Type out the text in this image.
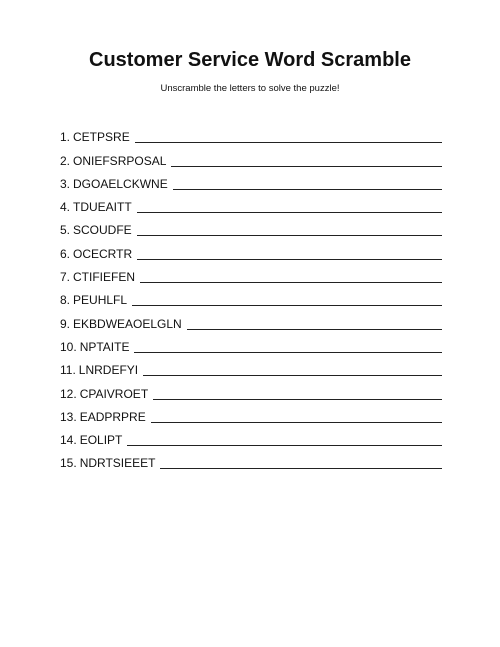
Customer Service Word Scramble
Unscramble the letters to solve the puzzle!
1. CETPSRE
2. ONIEFSRPOSAL
3. DGOAELCKWNE
4. TDUEAITT
5. SCOUDFE
6. OCECRTR
7. CTIFIEFEN
8. PEUHLFL
9. EKBDWEAOELGLN
10. NPTAITE
11. LNRDEFYI
12. CPAIVROET
13. EADPRPRE
14. EOLIPT
15. NDRTSIEEET
